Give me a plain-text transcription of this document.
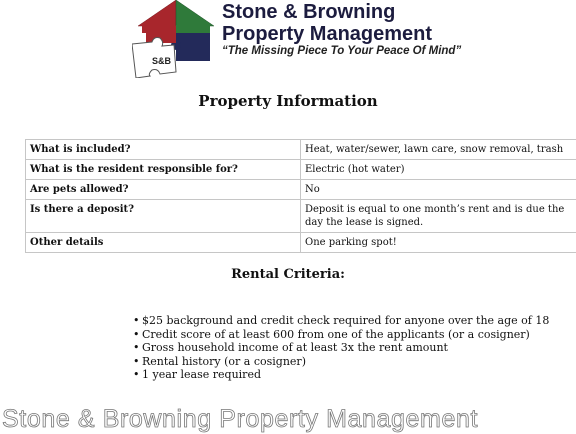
S&B
Stone & Browning
Property Management
“The Missing Piece To Your Peace Of Mind”
Property Information
What is included?	Heat, water/sewer, lawn care, snow removal, trash
What is the resident responsible for?	Electric (hot water)
Are pets allowed?	No
Is there a deposit?	Deposit is equal to one month’s rent and is due the day the lease is signed.
Other details	One parking spot!
Rental Criteria:
• $25 background and credit check required for anyone over the age of 18
• Credit score of at least 600 from one of the applicants (or a cosigner)
• Gross household income of at least 3x the rent amount
• Rental history (or a cosigner)
• 1 year lease required
Stone & Browning Property Management
